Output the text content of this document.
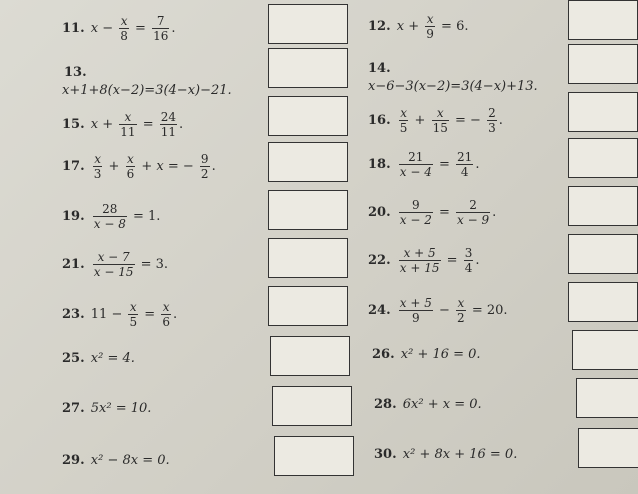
11. $x - \frac{x}{8} = \frac{7}{16}$ .	12. $x + \frac{x}{9} = 6$.
13.
x+1+8(x−2)=3(4−x)−21.
14.
x−6−3(x−2)=3(4−x)+13.
15. $x + \frac{x}{11} = \frac{24}{11}$ .	16. $\frac{x}{5} + \frac{x}{15}$ = − $\frac{2}{3}$ .
17. $\frac{x}{3} + \frac{x}{6} + x$ = − $\frac{9}{2}$ .	18. $\frac{21}{x - 4} = \frac{21}{4}$ .
19. $\frac{28}{x - 8} = 1$.	20. $\frac{9}{x - 2} = \frac{2}{x - 9}$ .
21. $\frac{x - 7}{x - 15} = 3$.	22. $\frac{x + 5}{x + 15} = \frac{3}{4}$ .
23. $11 - \frac{x}{5} = \frac{x}{6}$ .	24. $\frac{x + 5}{9} - \frac{x}{2} = 20$.
25. x² = 4.	26. x² + 16 = 0.
27. 5x² = 10.	28. 6x² + x = 0.
29. x² − 8x = 0.	30. x² + 8x + 16 = 0.
